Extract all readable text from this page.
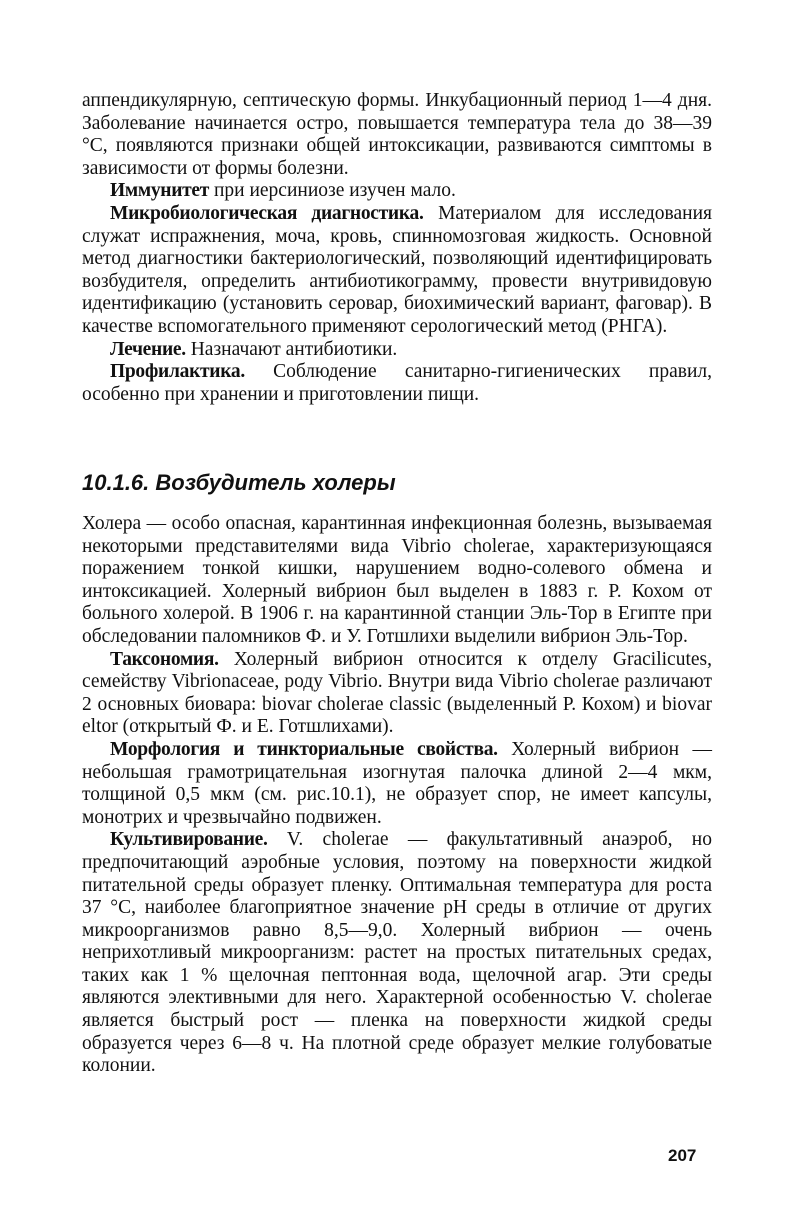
аппендикулярную, септическую формы. Инкубационный период 1—4 дня. Заболевание начинается остро, повышается температура тела до 38—39 °С, появляются признаки общей интоксикации, развиваются симптомы в зависимости от формы болезни.

Иммунитет при иерсиниозе изучен мало.

Микробиологическая диагностика. Материалом для исследования служат испражнения, моча, кровь, спинномозговая жидкость. Основной метод диагностики бактериологический, позволяющий идентифицировать возбудителя, определить антибиотикограмму, провести внутривидовую идентификацию (установить серовар, биохимический вариант, фаговар). В качестве вспомогательного применяют серологический метод (РНГА).

Лечение. Назначают антибиотики.

Профилактика. Соблюдение санитарно-гигиенических правил, особенно при хранении и приготовлении пищи.

10.1.6. Возбудитель холеры

Холера — особо опасная, карантинная инфекционная болезнь, вызываемая некоторыми представителями вида Vibrio cholerae, характеризующаяся поражением тонкой кишки, нарушением водно-солевого обмена и интоксикацией. Холерный вибрион был выделен в 1883 г. Р. Кохом от больного холерой. В 1906 г. на карантинной станции Эль-Тор в Египте при обследовании паломников Ф. и У. Готшлихи выделили вибрион Эль-Тор.

Таксономия. Холерный вибрион относится к отделу Gracilicutes, семейству Vibrionaceae, роду Vibrio. Внутри вида Vibrio cholerae различают 2 основных биовара: biovar cholerae classic (выделенный Р. Кохом) и biovar eltor (открытый Ф. и Е. Готшлихами).

Морфология и тинкториальные свойства. Холерный вибрион — небольшая грамотрицательная изогнутая палочка длиной 2—4 мкм, толщиной 0,5 мкм (см. рис.10.1), не образует спор, не имеет капсулы, монотрих и чрезвычайно подвижен.

Культивирование. V. cholerae — факультативный анаэроб, но предпочитающий аэробные условия, поэтому на поверхности жидкой питательной среды образует пленку. Оптимальная температура для роста 37 °С, наиболее благоприятное значение рН среды в отличие от других микроорганизмов равно 8,5—9,0. Холерный вибрион — очень неприхотливый микроорганизм: растет на простых питательных средах, таких как 1 % щелочная пептонная вода, щелочной агар. Эти среды являются элективными для него. Характерной особенностью V. cholerae является быстрый рост — пленка на поверхности жидкой среды образуется через 6—8 ч. На плотной среде образует мелкие голубоватые колонии.

207
